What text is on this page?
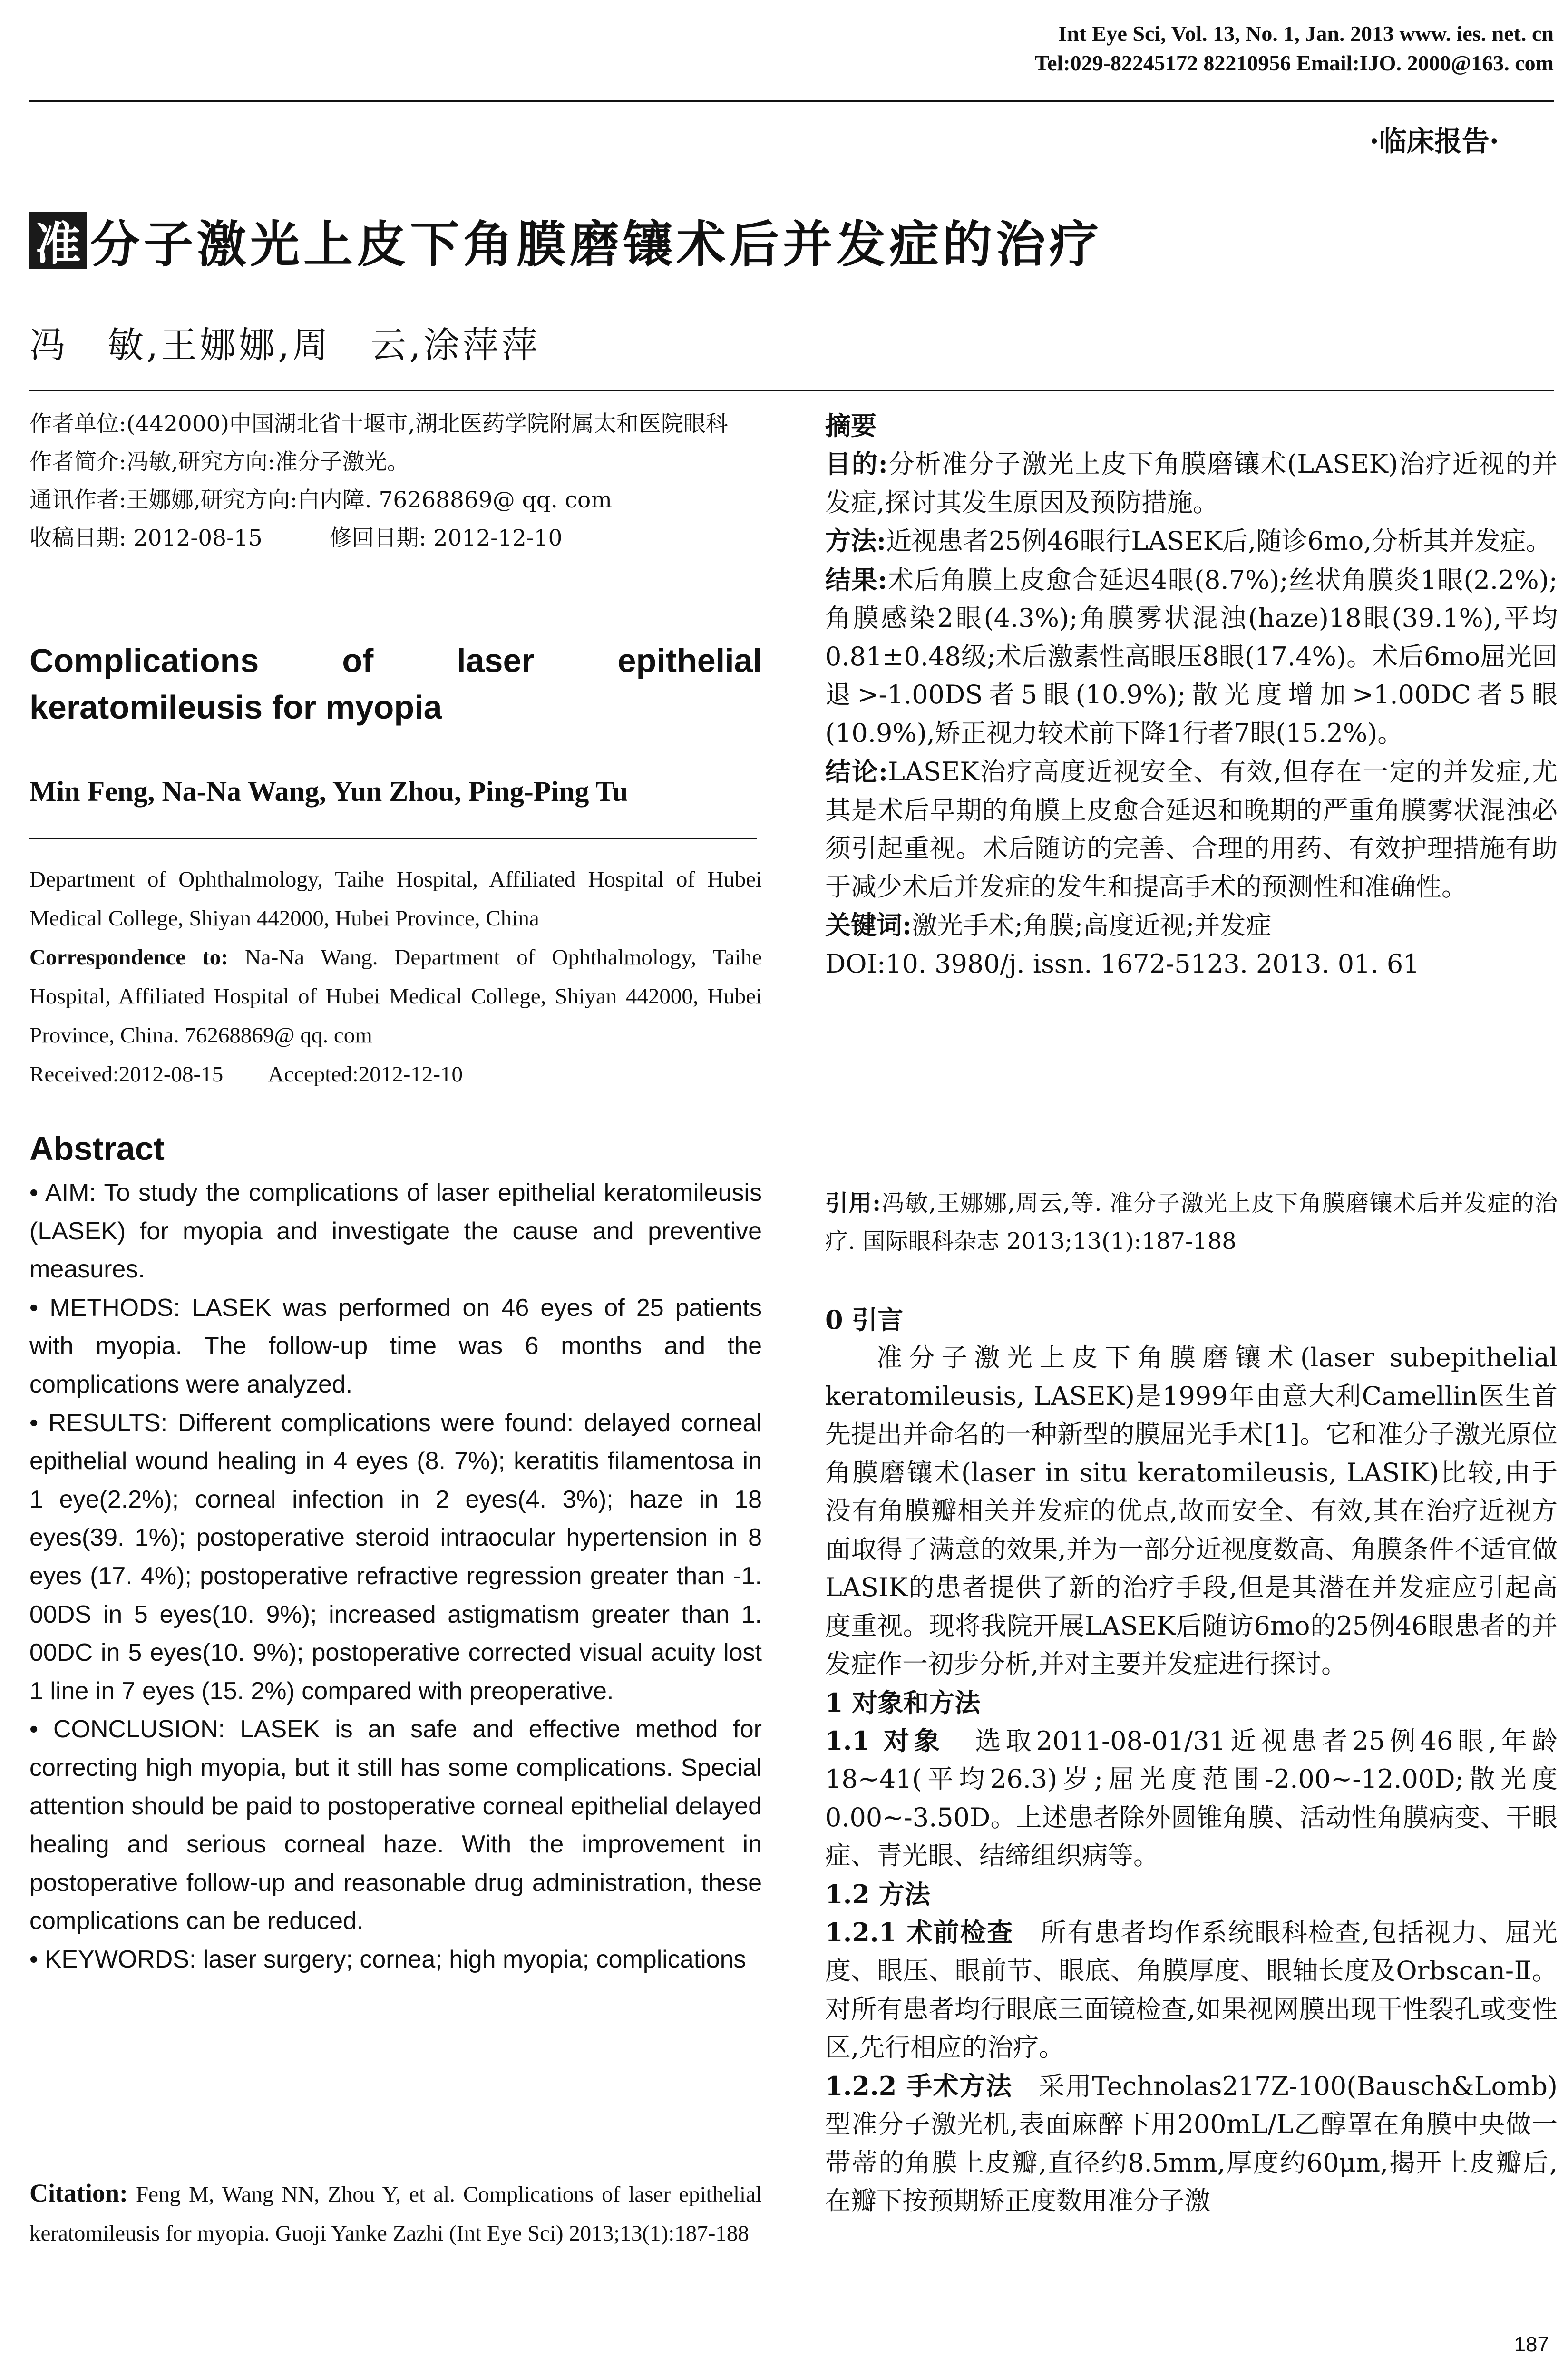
Int Eye Sci, Vol. 13, No. 1, Jan. 2013 www. ies. net. cn
Tel:029-82245172 82210956 Email:IJO. 2000@163. com
·临床报告·
准 分子激光上皮下角膜磨镶术后并发症的治疗
冯　敏,王娜娜,周　云,涂萍萍
作者单位:(442000)中国湖北省十堰市,湖北医药学院附属太和医院眼科
作者简介:冯敏,研究方向:准分子激光。
通讯作者:王娜娜,研究方向:白内障. 76268869@ qq. com
收稿日期: 2012-08-15　　　修回日期: 2012-12-10
Complications of laser epithelial keratomileusis for myopia
Min Feng, Na-Na Wang, Yun Zhou, Ping-Ping Tu
Department of Ophthalmology, Taihe Hospital, Affiliated Hospital of Hubei Medical College, Shiyan 442000, Hubei Province, China
Correspondence to: Na-Na Wang. Department of Ophthalmology, Taihe Hospital, Affiliated Hospital of Hubei Medical College, Shiyan 442000, Hubei Province, China. 76268869@ qq. com
Received:2012-08-15　　Accepted:2012-12-10
Abstract

• AIM: To study the complications of laser epithelial keratomileusis (LASEK) for myopia and investigate the cause and preventive measures.

• METHODS: LASEK was performed on 46 eyes of 25 patients with myopia. The follow-up time was 6 months and the complications were analyzed.

• RESULTS: Different complications were found: delayed corneal epithelial wound healing in 4 eyes (8. 7%); keratitis filamentosa in 1 eye(2.2%); corneal infection in 2 eyes(4. 3%); haze in 18 eyes(39. 1%); postoperative steroid intraocular hypertension in 8 eyes (17. 4%); postoperative refractive regression greater than -1. 00DS in 5 eyes(10. 9%); increased astigmatism greater than 1. 00DC in 5 eyes(10. 9%); postoperative corrected visual acuity lost 1 line in 7 eyes (15. 2%) compared with preoperative.

• CONCLUSION: LASEK is an safe and effective method for correcting high myopia, but it still has some complications. Special attention should be paid to postoperative corneal epithelial delayed healing and serious corneal haze. With the improvement in postoperative follow-up and reasonable drug administration, these complications can be reduced.

• KEYWORDS: laser surgery; cornea; high myopia; complications

Citation: Feng M, Wang NN, Zhou Y, et al. Complications of laser epithelial keratomileusis for myopia. Guoji Yanke Zazhi (Int Eye Sci) 2013;13(1):187-188
摘要

目的:分析准分子激光上皮下角膜磨镶术(LASEK)治疗近视的并发症,探讨其发生原因及预防措施。

方法:近视患者25例46眼行LASEK后,随诊6mo,分析其并发症。

结果:术后角膜上皮愈合延迟4眼(8.7%);丝状角膜炎1眼(2.2%);角膜感染2眼(4.3%);角膜雾状混浊(haze)18眼(39.1%),平均0.81±0.48级;术后激素性高眼压8眼(17.4%)。术后6mo屈光回退>-1.00DS者5眼(10.9%);散光度增加>1.00DC者5眼(10.9%),矫正视力较术前下降1行者7眼(15.2%)。

结论:LASEK治疗高度近视安全、有效,但存在一定的并发症,尤其是术后早期的角膜上皮愈合延迟和晚期的严重角膜雾状混浊必须引起重视。术后随访的完善、合理的用药、有效护理措施有助于减少术后并发症的发生和提高手术的预测性和准确性。

关键词:激光手术;角膜;高度近视;并发症

DOI:10. 3980/j. issn. 1672-5123. 2013. 01. 61

引用:冯敏,王娜娜,周云,等. 准分子激光上皮下角膜磨镶术后并发症的治疗. 国际眼科杂志 2013;13(1):187-188
0 引言

准分子激光上皮下角膜磨镶术(laser subepithelial keratomileusis, LASEK)是1999年由意大利Camellin医生首先提出并命名的一种新型的膜屈光手术[1]。它和准分子激光原位角膜磨镶术(laser in situ keratomileusis, LASIK)比较,由于没有角膜瓣相关并发症的优点,故而安全、有效,其在治疗近视方面取得了满意的效果,并为一部分近视度数高、角膜条件不适宜做LASIK的患者提供了新的治疗手段,但是其潜在并发症应引起高度重视。现将我院开展LASEK后随访6mo的25例46眼患者的并发症作一初步分析,并对主要并发症进行探讨。

1 对象和方法

1.1 对象　选取2011-08-01/31近视患者25例46眼,年龄18~41(平均26.3)岁;屈光度范围-2.00~-12.00D;散光度0.00~-3.50D。上述患者除外圆锥角膜、活动性角膜病变、干眼症、青光眼、结缔组织病等。

1.2 方法

1.2.1 术前检查　所有患者均作系统眼科检查,包括视力、屈光度、眼压、眼前节、眼底、角膜厚度、眼轴长度及Orbscan-Ⅱ。对所有患者均行眼底三面镜检查,如果视网膜出现干性裂孔或变性区,先行相应的治疗。

1.2.2 手术方法　采用Technolas217Z-100(Bausch&Lomb)型准分子激光机,表面麻醉下用200mL/L乙醇罩在角膜中央做一带蒂的角膜上皮瓣,直径约8.5mm,厚度约60μm,揭开上皮瓣后,在瓣下按预期矫正度数用准分子激

187
